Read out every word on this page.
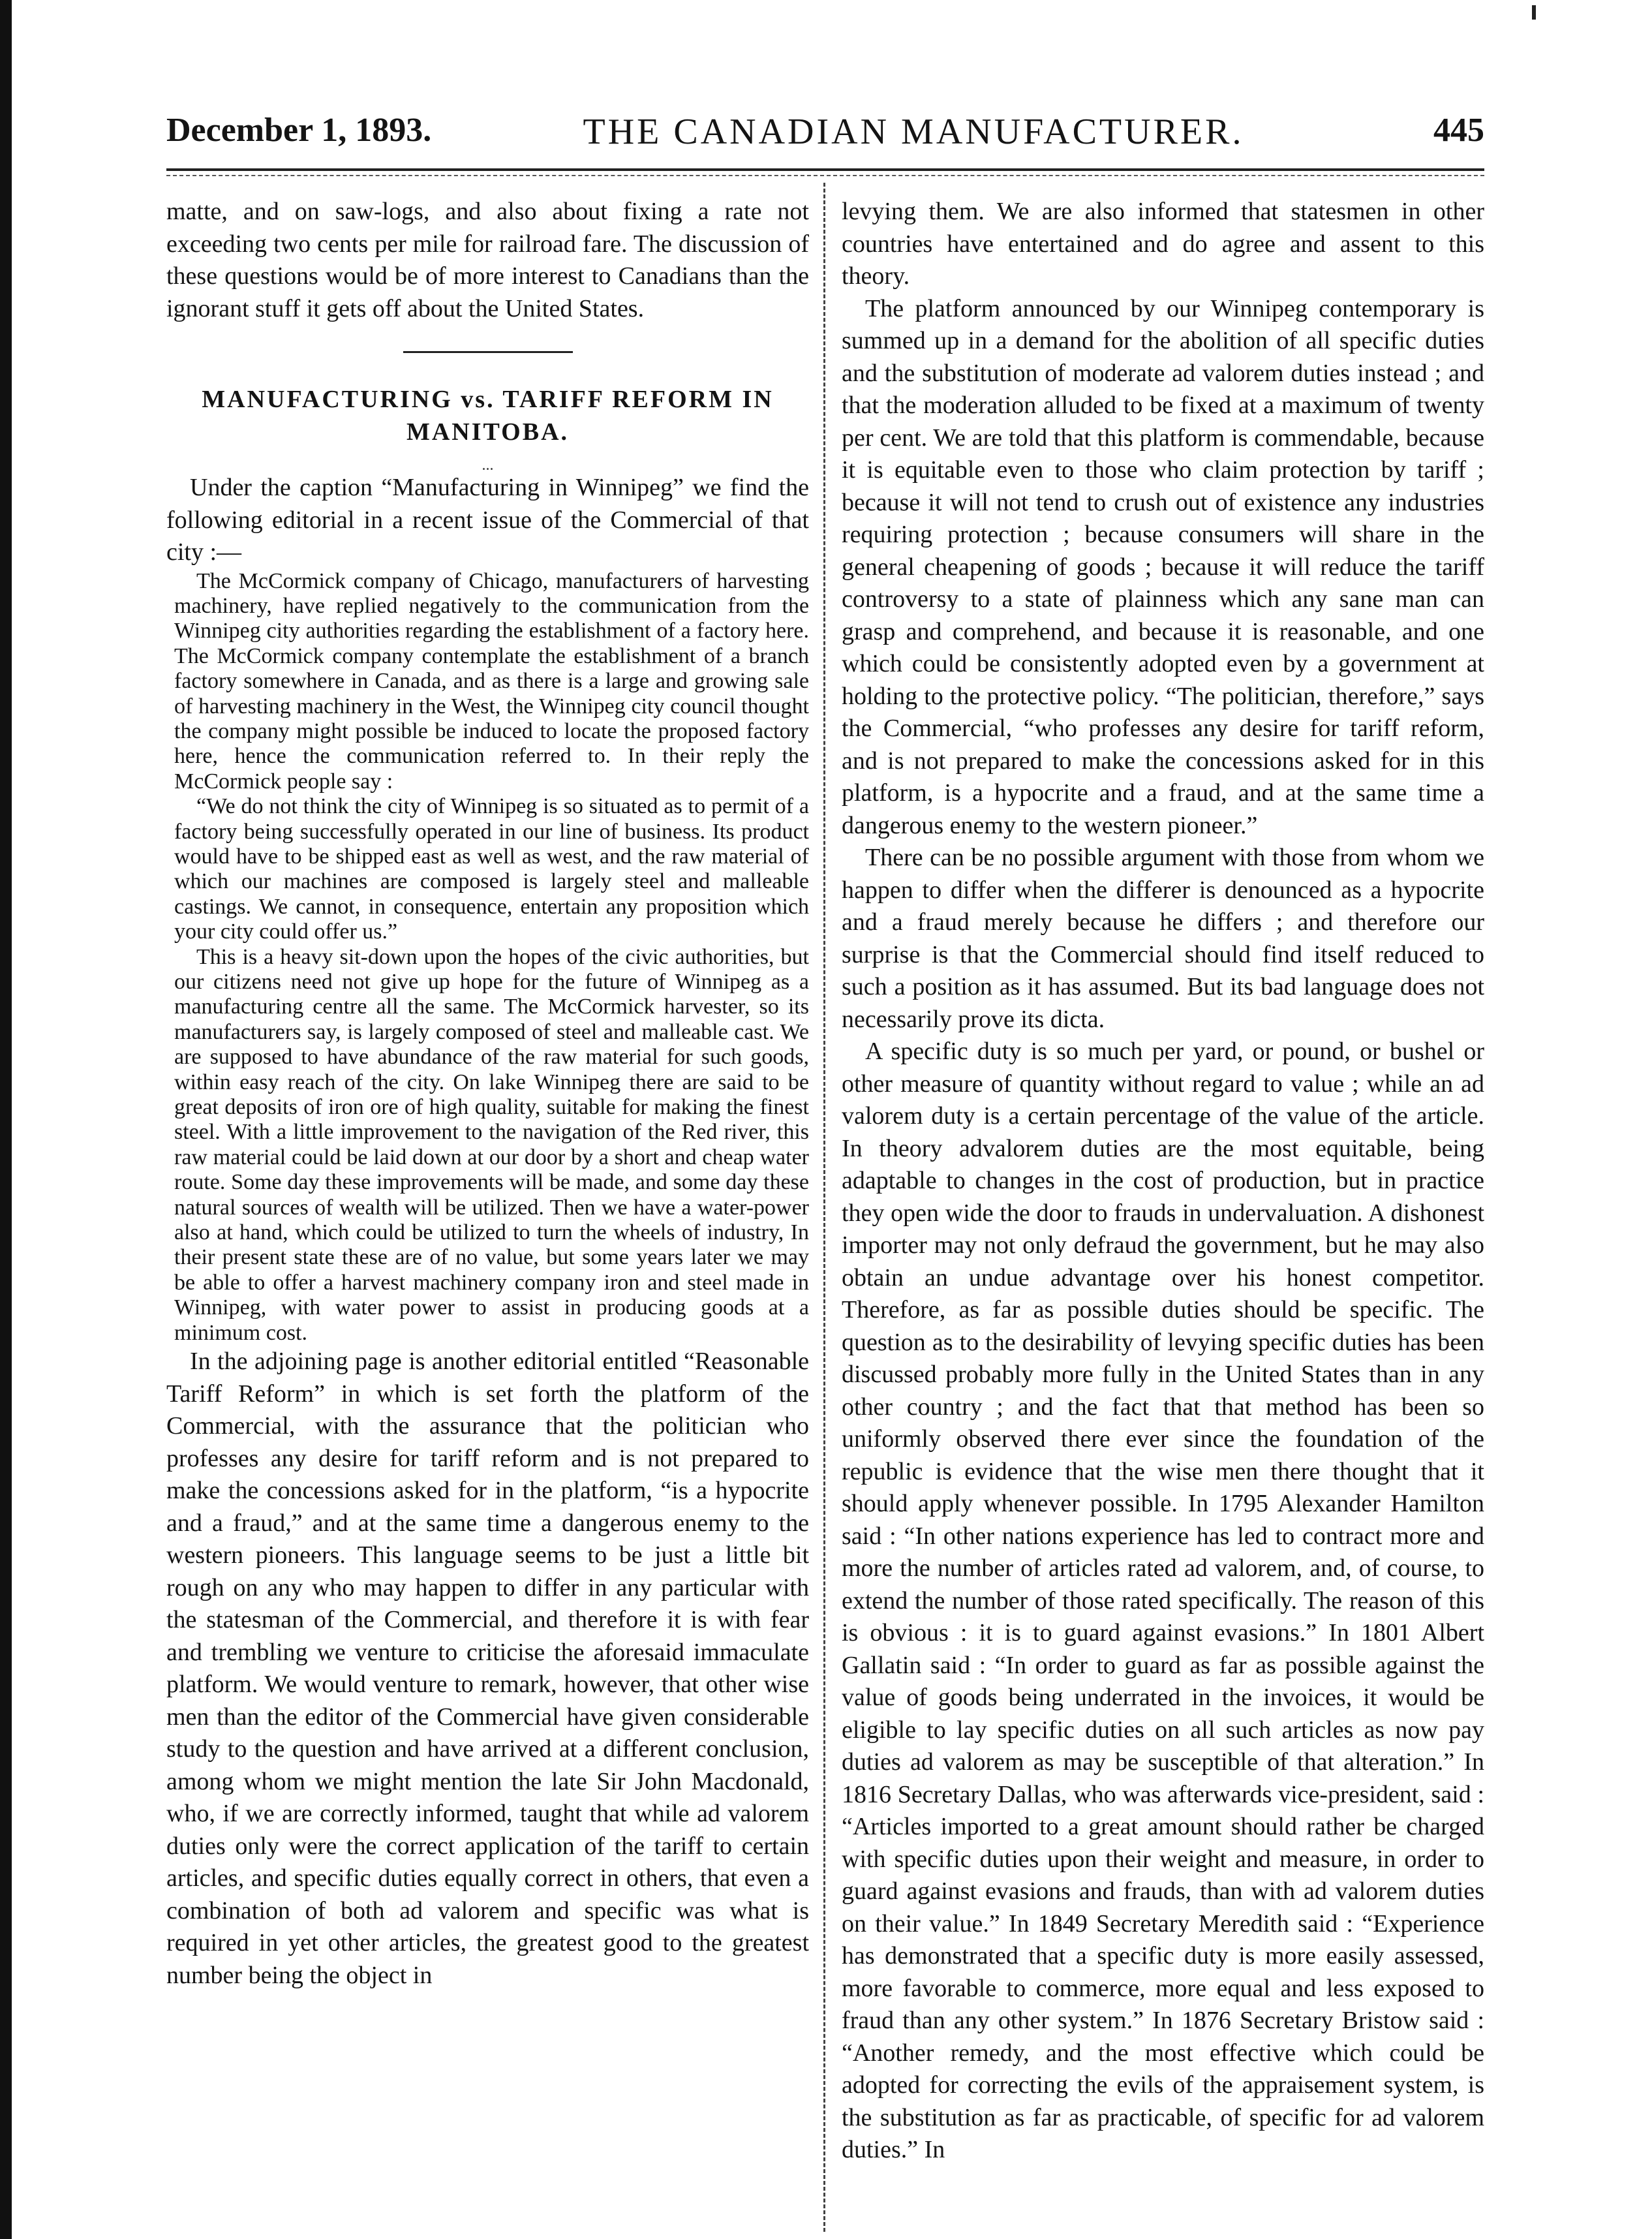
December 1, 1893.	THE CANADIAN MANUFACTURER.	445

matte, and on saw-logs, and also about fixing a rate not exceeding two cents per mile for railroad fare. The discussion of these questions would be of more interest to Canadians than the ignorant stuff it gets off about the United States.

MANUFACTURING vs. TARIFF REFORM IN MANITOBA.
...

Under the caption “Manufacturing in Winnipeg” we find the following editorial in a recent issue of the Commercial of that city :—

The McCormick company of Chicago, manufacturers of harvesting machinery, have replied negatively to the communication from the Winnipeg city authorities regarding the establishment of a factory here. The McCormick company contemplate the establishment of a branch factory somewhere in Canada, and as there is a large and growing sale of harvesting machinery in the West, the Winnipeg city council thought the company might possible be induced to locate the proposed factory here, hence the communication referred to. In their reply the McCormick people say :

“We do not think the city of Winnipeg is so situated as to permit of a factory being successfully operated in our line of business. Its product would have to be shipped east as well as west, and the raw material of which our machines are composed is largely steel and malleable castings. We cannot, in consequence, entertain any proposition which your city could offer us.”

This is a heavy sit-down upon the hopes of the civic authorities, but our citizens need not give up hope for the future of Winnipeg as a manufacturing centre all the same. The McCormick harvester, so its manufacturers say, is largely composed of steel and malleable cast. We are supposed to have abundance of the raw material for such goods, within easy reach of the city. On lake Winnipeg there are said to be great deposits of iron ore of high quality, suitable for making the finest steel. With a little improvement to the navigation of the Red river, this raw material could be laid down at our door by a short and cheap water route. Some day these improvements will be made, and some day these natural sources of wealth will be utilized. Then we have a water-power also at hand, which could be utilized to turn the wheels of industry, In their present state these are of no value, but some years later we may be able to offer a harvest machinery company iron and steel made in Winnipeg, with water power to assist in producing goods at a minimum cost.

In the adjoining page is another editorial entitled “Reasonable Tariff Reform” in which is set forth the platform of the Commercial, with the assurance that the politician who professes any desire for tariff reform and is not prepared to make the concessions asked for in the platform, “is a hypocrite and a fraud,” and at the same time a dangerous enemy to the western pioneers. This language seems to be just a little bit rough on any who may happen to differ in any particular with the statesman of the Commercial, and therefore it is with fear and trembling we venture to criticise the aforesaid immaculate platform. We would venture to remark, however, that other wise men than the editor of the Commercial have given considerable study to the question and have arrived at a different conclusion, among whom we might mention the late Sir John Macdonald, who, if we are correctly informed, taught that while ad valorem duties only were the correct application of the tariff to certain articles, and specific duties equally correct in others, that even a combination of both ad valorem and specific was what is required in yet other articles, the greatest good to the greatest number being the object in

levying them. We are also informed that statesmen in other countries have entertained and do agree and assent to this theory.

The platform announced by our Winnipeg contemporary is summed up in a demand for the abolition of all specific duties and the substitution of moderate ad valorem duties instead ; and that the moderation alluded to be fixed at a maximum of twenty per cent. We are told that this platform is commendable, because it is equitable even to those who claim protection by tariff ; because it will not tend to crush out of existence any industries requiring protection ; because consumers will share in the general cheapening of goods ; because it will reduce the tariff controversy to a state of plainness which any sane man can grasp and comprehend, and because it is reasonable, and one which could be consistently adopted even by a government at holding to the protective policy. “The politician, therefore,” says the Commercial, “who professes any desire for tariff reform, and is not prepared to make the concessions asked for in this platform, is a hypocrite and a fraud, and at the same time a dangerous enemy to the western pioneer.”

There can be no possible argument with those from whom we happen to differ when the differer is denounced as a hypocrite and a fraud merely because he differs ; and therefore our surprise is that the Commercial should find itself reduced to such a position as it has assumed. But its bad language does not necessarily prove its dicta.

A specific duty is so much per yard, or pound, or bushel or other measure of quantity without regard to value ; while an ad valorem duty is a certain percentage of the value of the article. In theory advalorem duties are the most equitable, being adaptable to changes in the cost of production, but in practice they open wide the door to frauds in undervaluation. A dishonest importer may not only defraud the government, but he may also obtain an undue advantage over his honest competitor. Therefore, as far as possible duties should be specific. The question as to the desirability of levying specific duties has been discussed probably more fully in the United States than in any other country ; and the fact that that method has been so uniformly observed there ever since the foundation of the republic is evidence that the wise men there thought that it should apply whenever possible. In 1795 Alexander Hamilton said : “In other nations experience has led to contract more and more the number of articles rated ad valorem, and, of course, to extend the number of those rated specifically. The reason of this is obvious : it is to guard against evasions.” In 1801 Albert Gallatin said : “In order to guard as far as possible against the value of goods being underrated in the invoices, it would be eligible to lay specific duties on all such articles as now pay duties ad valorem as may be susceptible of that alteration.” In 1816 Secretary Dallas, who was afterwards vice-president, said : “Articles imported to a great amount should rather be charged with specific duties upon their weight and measure, in order to guard against evasions and frauds, than with ad valorem duties on their value.” In 1849 Secretary Meredith said : “Experience has demonstrated that a specific duty is more easily assessed, more favorable to commerce, more equal and less exposed to fraud than any other system.” In 1876 Secretary Bristow said : “Another remedy, and the most effective which could be adopted for correcting the evils of the appraisement system, is the substitution as far as practicable, of specific for ad valorem duties.” In
